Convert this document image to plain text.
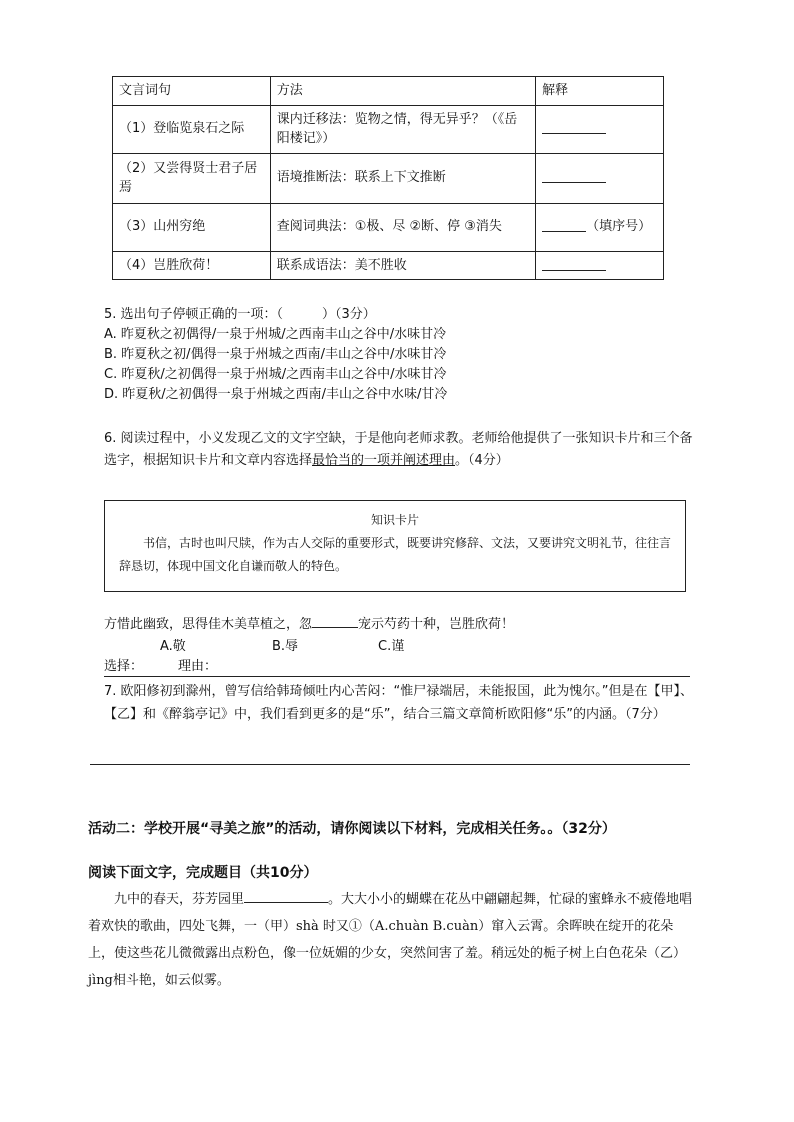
文言词句	方法	解释
（1）登临览泉石之际	课内迁移法：览物之情，得无异乎？（《岳阳楼记》）	
（2）又尝得贤士君子居焉	语境推断法：联系上下文推断	
（3）山州穷绝	查阅词典法：①极、尽 ②断、停 ③消失	（填序号）
（4）岂胜欣荷！	联系成语法：美不胜收	
5. 选出句子停顿正确的一项：（　　　）（3分）
A. 昨夏秋之初偶得/一泉于州城/之西南丰山之谷中/水味甘冷
B. 昨夏秋之初/偶得一泉于州城之西南/丰山之谷中/水味甘冷
C. 昨夏秋/之初偶得一泉于州城/之西南丰山之谷中/水味甘冷
D. 昨夏秋/之初偶得一泉于州城之西南/丰山之谷中水味/甘冷
6. 阅读过程中，小义发现乙文的文字空缺，于是他向老师求教。老师给他提供了一张知识卡片和三个备选字，根据知识卡片和文章内容选择最恰当的一项并阐述理由。（4分）
知识卡片
书信，古时也叫尺牍，作为古人交际的重要形式，既要讲究修辞、文法，又要讲究文明礼节，往往言辞恳切，体现中国文化自谦而敬人的特色。
方惜此幽致，思得佳木美草植之，忽	宠示芍药十种，岂胜欣荷！
A.敬	B.辱	C.谨
选择：	理由：
7. 欧阳修初到滁州，曾写信给韩琦倾吐内心苦闷：“惟尸禄端居，未能报国，此为愧尔。”但是在【甲】、【乙】和《醉翁亭记》中，我们看到更多的是“乐”，结合三篇文章简析欧阳修“乐”的内涵。（7分）
活动二：学校开展“寻美之旅”的活动，请你阅读以下材料，完成相关任务。。（32分）
阅读下面文字，完成题目（共10分）
九中的春天，芬芳园里	。大大小小的蝴蝶在花丛中翩翩起舞，忙碌的蜜蜂永不疲倦地唱着欢快的歌曲，四处飞舞，一（甲）shà 时又①（A.chuàn B.cuàn）窜入云霄。余晖映在绽开的花朵上，使这些花儿微微露出点粉色，像一位妩媚的少女，突然间害了羞。稍远处的栀子树上白色花朵（乙）jìng相斗艳，如云似雾。
